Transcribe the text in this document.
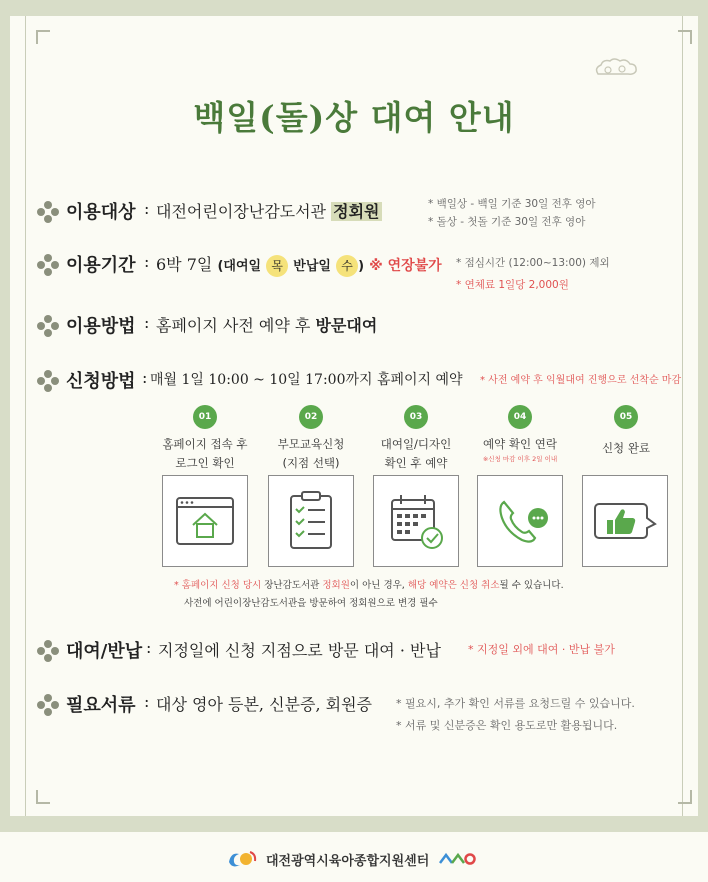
백일(돌)상 대여 안내
이용대상 : 대전어린이장난감도서관 정회원	* 백일상 - 백일 기준 30일 전후 영아
* 돌상 - 첫돌 기준 30일 전후 영아
이용기간 : 6박 7일 (대여일 목 반납일 수 ) ※ 연장불가 * 점심시간 (12:00~13:00) 제외
* 연체료 1일당 2,000원
이용방법 : 홈페이지 사전 예약 후 방문대여
신청방법 : 매월 1일 10:00 ~ 10일 17:00까지 홈페이지 예약 * 사전 예약 후 익월대여 진행으로 선착순 마감
01
홈페이지 접속 후
로그인 확인
02
부모교육신청
(지점 선택)
03
대여일/디자인
확인 후 예약
04
예약 확인 연락
※신청 마감 이후 2일 이내
05
신청 완료
* 홈페이지 신청 당시 장난감도서관 정회원이 아닌 경우, 해당 예약은 신청 취소될 수 있습니다.
사전에 어린이장난감도서관을 방문하여 정회원으로 변경 필수
대여/반납 : 지정일에 신청 지점으로 방문 대여 · 반납 * 지정일 외에 대여 · 반납 불가
필요서류 : 대상 영아 등본, 신분증, 회원증 * 필요시, 추가 확인 서류를 요청드릴 수 있습니다.
* 서류 및 신분증은 확인 용도로만 활용됩니다.
대전광역시육아종합지원센터
